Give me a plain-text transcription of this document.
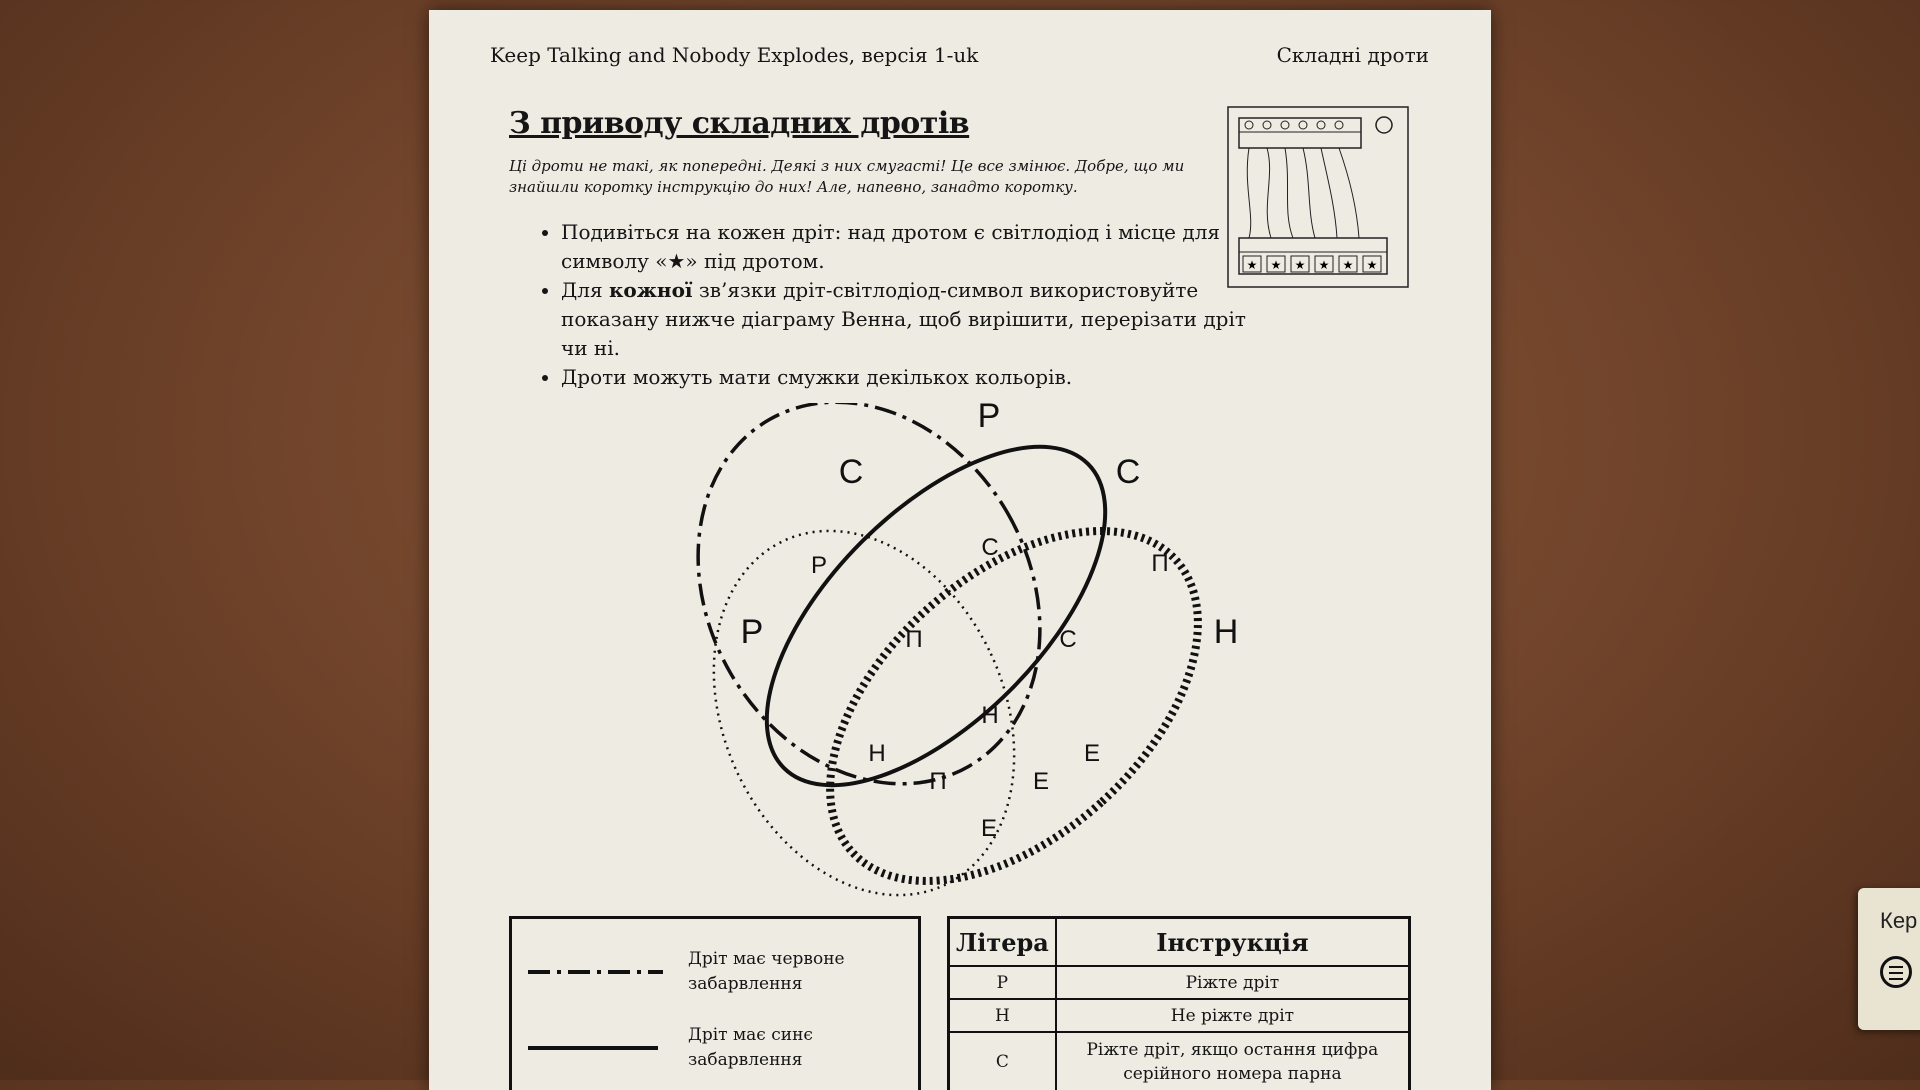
Keep Talking and Nobody Explodes, версія 1-uk	Складні дроти
З приводу складних дротів

Ці дроти не такі, як попередні. Деякі з них смугасті! Це все змінює. Добре, що ми знайшли коротку інструкцію до них! Але, напевно, занадто коротку.

• Подивіться на кожен дріт: над дротом є світлодіод і місце для символу «★» під дротом.
• Для кожної зв’язки дріт-світлодіод-символ використовуйте показану нижче діаграму Венна, щоб вирішити, перерізати дріт чи ні.
• Дроти можуть мати смужки декількох кольорів.
★ ★ ★ ★ ★ ★
Р
С	С
Р	Н
Р
С
П
П	С
Н
Н
П	Е
Е
Е
Дріт має червоне забарвлення
Дріт має синє забарвлення
Літера	Інструкція
Р	Ріжте дріт
Н	Не ріжте дріт
С	Ріжте дріт, якщо остання цифра серійного номера парна
Кер
